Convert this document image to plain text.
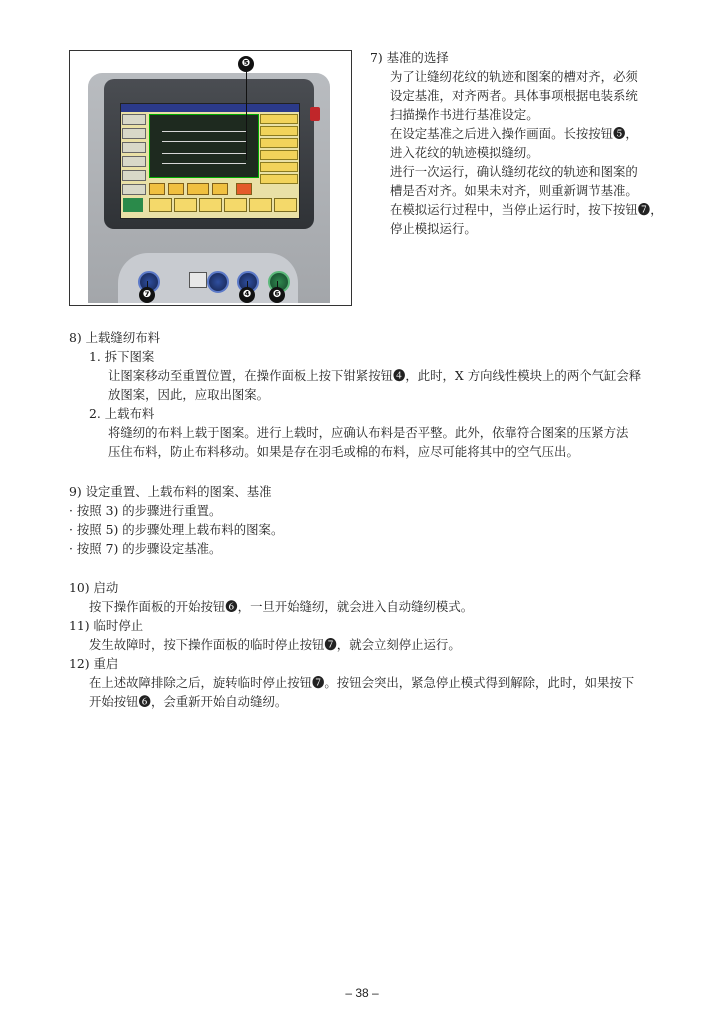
❺
❼	❹	❻
7) 基准的选择
为了让缝纫花纹的轨迹和图案的槽对齐，必须
设定基准，对齐两者。具体事项根据电装系统
扫描操作书进行基准设定。
在设定基准之后进入操作画面。长按按钮❺，
进入花纹的轨迹模拟缝纫。
进行一次运行，确认缝纫花纹的轨迹和图案的
槽是否对齐。如果未对齐，则重新调节基准。
在模拟运行过程中，当停止运行时，按下按钮❼，
停止模拟运行。
8) 上载缝纫布料
1. 拆下图案
让图案移动至重置位置，在操作面板上按下钳紧按钮❹，此时，X 方向线性模块上的两个气缸会释
放图案，因此，应取出图案。
2. 上载布料
将缝纫的布料上载于图案。进行上载时，应确认布料是否平整。此外，依靠符合图案的压紧方法
压住布料，防止布料移动。如果是存在羽毛或棉的布料，应尽可能将其中的空气压出。
9) 设定重置、上载布料的图案、基准
· 按照 3) 的步骤进行重置。
· 按照 5) 的步骤处理上载布料的图案。
· 按照 7) 的步骤设定基准。
10) 启动
按下操作面板的开始按钮❻，一旦开始缝纫，就会进入自动缝纫模式。
11) 临时停止
发生故障时，按下操作面板的临时停止按钮❼，就会立刻停止运行。
12) 重启
在上述故障排除之后，旋转临时停止按钮❼。按钮会突出，紧急停止模式得到解除，此时，如果按下
开始按钮❻，会重新开始自动缝纫。
– 38 –
